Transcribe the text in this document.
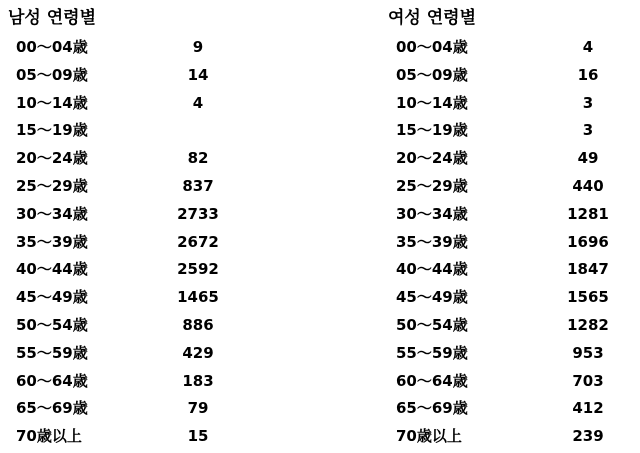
남성 연령별
00～04歳	9
05～09歳	14
10～14歳	4
15～19歳
20～24歳	82
25～29歳	837
30～34歳	2733
35～39歳	2672
40～44歳	2592
45～49歳	1465
50～54歳	886
55～59歳	429
60～64歳	183
65～69歳	79
70歳以上	15
여성 연령별
00～04歳	4
05～09歳	16
10～14歳	3
15～19歳	3
20～24歳	49
25～29歳	440
30～34歳	1281
35～39歳	1696
40～44歳	1847
45～49歳	1565
50～54歳	1282
55～59歳	953
60～64歳	703
65～69歳	412
70歳以上	239
